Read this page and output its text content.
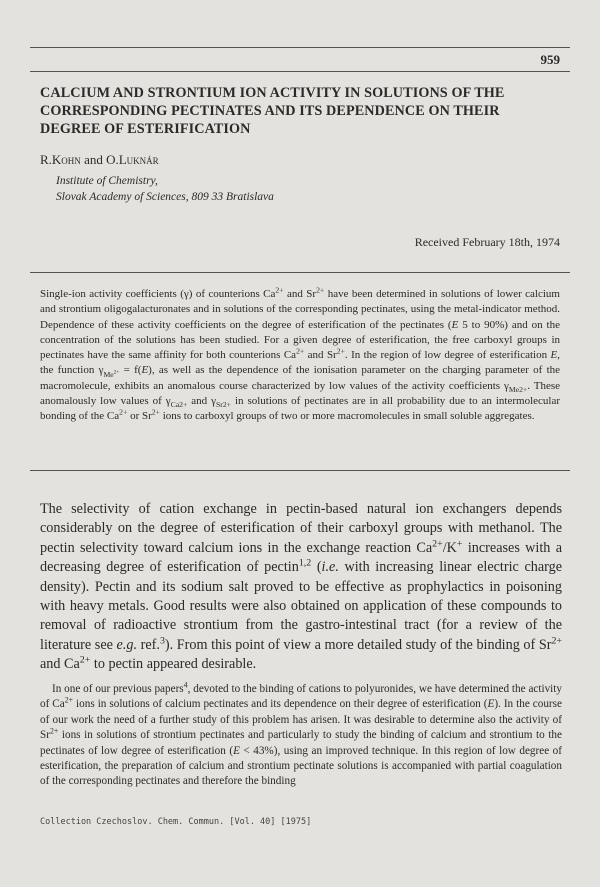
959
CALCIUM AND STRONTIUM ION ACTIVITY IN SOLUTIONS OF THE CORRESPONDING PECTINATES AND ITS DEPENDENCE ON THEIR DEGREE OF ESTERIFICATION
R.Kohn and O.Luknár
Institute of Chemistry,
Slovak Academy of Sciences, 809 33 Bratislava
Received February 18th, 1974
Single-ion activity coefficients (γ) of counterions $Ca^{2+}$ and $Sr^{2+}$ have been determined in solutions of lower calcium and strontium oligogalacturonates and in solutions of the corresponding pectinates, using the metal-indicator method. Dependence of these activity coefficients on the degree of esterification of the pectinates (E 5 to 90%) and on the concentration of the solutions has been studied. For a given degree of esterification, the free carboxyl groups in pectinates have the same affinity for both counterions $Ca^{2+}$ and $Sr^{2+}$. In the region of low degree of esterification E, the function $\gamma_{Me^{2+}} = f(E)$, as well as the dependence of the ionisation parameter on the charging parameter of the macromolecule, exhibits an anomalous course characterized by low values of the activity coefficients $\gamma_{Me2+}$. These anomalously low values of $\gamma_{Ca2+}$ and $\gamma_{Sr2+}$ in solutions of pectinates are in all probability due to an intermolecular bonding of the $Ca^{2+}$ or $Sr^{2+}$ ions to carboxyl groups of two or more macromolecules in small soluble aggregates.
The selectivity of cation exchange in pectin-based natural ion exchangers depends considerably on the degree of esterification of their carboxyl groups with methanol. The pectin selectivity toward calcium ions in the exchange reaction $Ca^{2+}/K^+$ increases with a decreasing degree of esterification of pectin$^{1,2}$ (i.e. with increasing linear electric charge density). Pectin and its sodium salt proved to be effective as prophylactics in poisoning with heavy metals. Good results were also obtained on application of these compounds to removal of radioactive strontium from the gastro-intestinal tract (for a review of the literature see e.g. ref.$^3$). From this point of view a more detailed study of the binding of $Sr^{2+}$ and $Ca^{2+}$ to pectin appeared desirable.
In one of our previous papers$^4$, devoted to the binding of cations to polyuronides, we have determined the activity of $Ca^{2+}$ ions in solutions of calcium pectinates and its dependence on their degree of esterification (E). In the course of our work the need of a further study of this problem has arisen. It was desirable to determine also the activity of $Sr^{2+}$ ions in solutions of strontium pectinates and particularly to study the binding of calcium and strontium to the pectinates of low degree of esterification (E < 43%), using an improved technique. In this region of low degree of esterification, the preparation of calcium and strontium pectinate solutions is accompanied with partial coagulation of the corresponding pectinates and therefore the binding
Collection Czechoslov. Chem. Commun. [Vol. 40] [1975]
